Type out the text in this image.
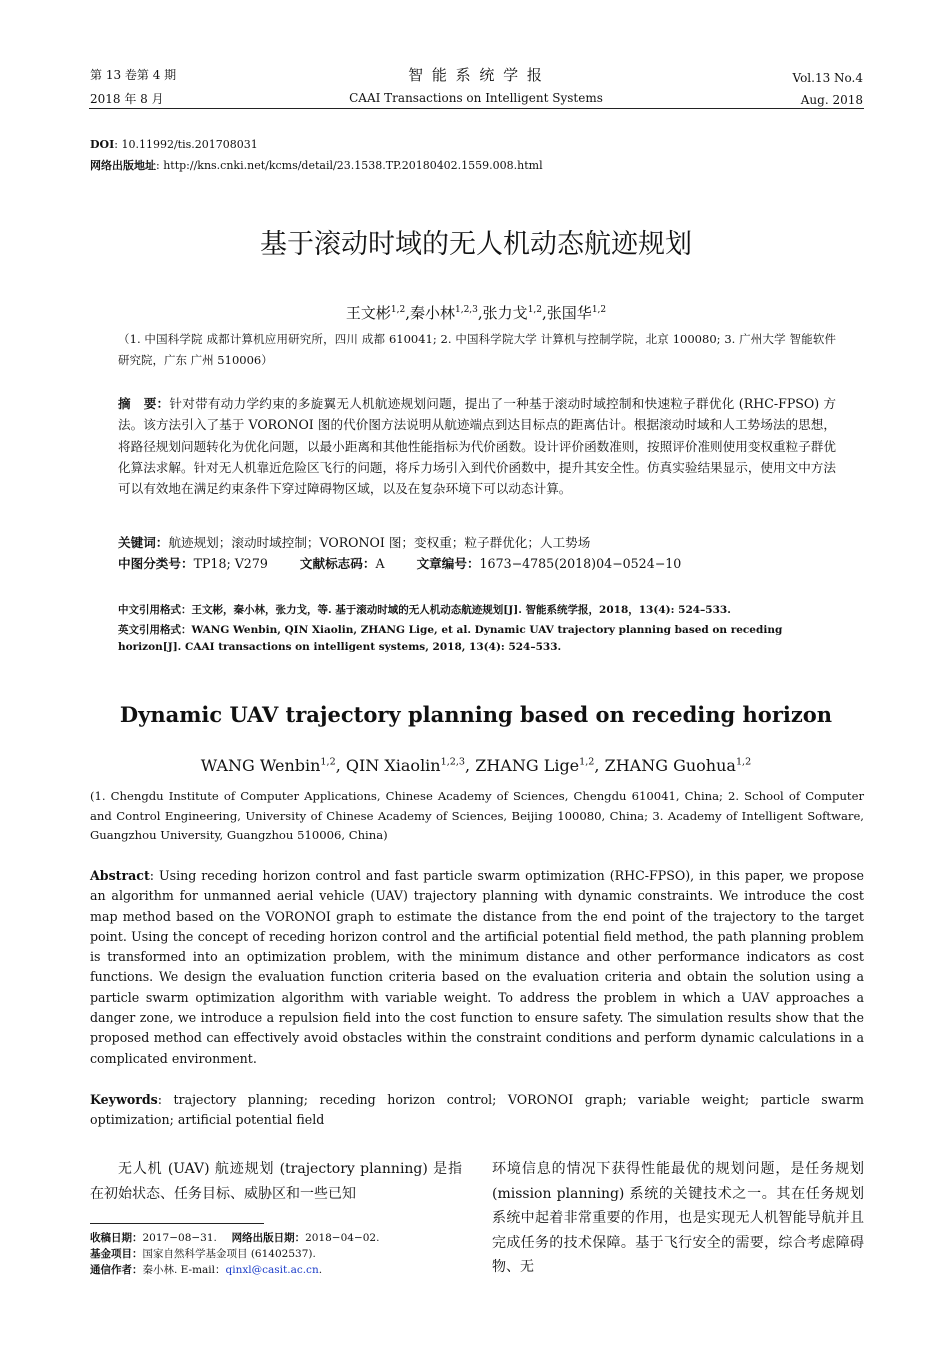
第 13 卷第 4 期
2018 年 8 月
智 能 系 统 学 报
CAAI Transactions on Intelligent Systems
Vol.13 No.4
Aug. 2018
DOI: 10.11992/tis.201708031
网络出版地址: http://kns.cnki.net/kcms/detail/23.1538.TP.20180402.1559.008.html
基于滚动时域的无人机动态航迹规划
王文彬$^{1,2}$,秦小林$^{1,2,3}$,张力戈$^{1,2}$,张国华$^{1,2}$
（1. 中国科学院 成都计算机应用研究所，四川 成都 610041; 2. 中国科学院大学 计算机与控制学院，北京 100080; 3. 广州大学 智能软件研究院，广东 广州 510006）
摘　要：针对带有动力学约束的多旋翼无人机航迹规划问题，提出了一种基于滚动时域控制和快速粒子群优化 (RHC-FPSO) 方法。该方法引入了基于 VORONOI 图的代价图方法说明从航迹端点到达目标点的距离估计。根据滚动时域和人工势场法的思想，将路径规划问题转化为优化问题，以最小距离和其他性能指标为代价函数。设计评价函数准则，按照评价准则使用变权重粒子群优化算法求解。针对无人机靠近危险区飞行的问题，将斥力场引入到代价函数中，提升其安全性。仿真实验结果显示，使用文中方法可以有效地在满足约束条件下穿过障碍物区域，以及在复杂环境下可以动态计算。
关键词：航迹规划；滚动时域控制；VORONOI 图；变权重；粒子群优化；人工势场
中图分类号：TP18; V279	文献标志码：A	文章编号：1673−4785(2018)04−0524−10
中文引用格式：王文彬，秦小林，张力戈，等. 基于滚动时域的无人机动态航迹规划[J]. 智能系统学报，2018，13(4): 524–533.
英文引用格式：WANG Wenbin, QIN Xiaolin, ZHANG Lige, et al. Dynamic UAV trajectory planning based on receding horizon[J]. CAAI transactions on intelligent systems, 2018, 13(4): 524–533.
Dynamic UAV trajectory planning based on receding horizon
WANG Wenbin$^{1,2}$, QIN Xiaolin$^{1,2,3}$, ZHANG Lige$^{1,2}$, ZHANG Guohua$^{1,2}$
(1. Chengdu Institute of Computer Applications, Chinese Academy of Sciences, Chengdu 610041, China; 2. School of Computer and Control Engineering, University of Chinese Academy of Sciences, Beijing 100080, China; 3. Academy of Intelligent Software, Guangzhou University, Guangzhou 510006, China)
Abstract: Using receding horizon control and fast particle swarm optimization (RHC-FPSO), in this paper, we propose an algorithm for unmanned aerial vehicle (UAV) trajectory planning with dynamic constraints. We introduce the cost map method based on the VORONOI graph to estimate the distance from the end point of the trajectory to the target point. Using the concept of receding horizon control and the artificial potential field method, the path planning problem is transformed into an optimization problem, with the minimum distance and other performance indicators as cost functions. We design the evaluation function criteria based on the evaluation criteria and obtain the solution using a particle swarm optimization algorithm with variable weight. To address the problem in which a UAV approaches a danger zone, we introduce a repulsion field into the cost function to ensure safety. The simulation results show that the proposed method can effectively avoid obstacles within the constraint conditions and perform dynamic calculations in a complicated environment.
Keywords: trajectory planning; receding horizon control; VORONOI graph; variable weight; particle swarm optimization; artificial potential field
无人机 (UAV) 航迹规划 (trajectory planning) 是指在初始状态、任务目标、威胁区和一些已知
环境信息的情况下获得性能最优的规划问题，是任务规划 (mission planning) 系统的关键技术之一。其在任务规划系统中起着非常重要的作用，也是实现无人机智能导航并且完成任务的技术保障。基于飞行安全的需要，综合考虑障碍物、无
收稿日期：2017−08−31. 网络出版日期：2018−04−02.
基金项目：国家自然科学基金项目 (61402537).
通信作者：秦小林. E-mail：qinxl@casit.ac.cn.
